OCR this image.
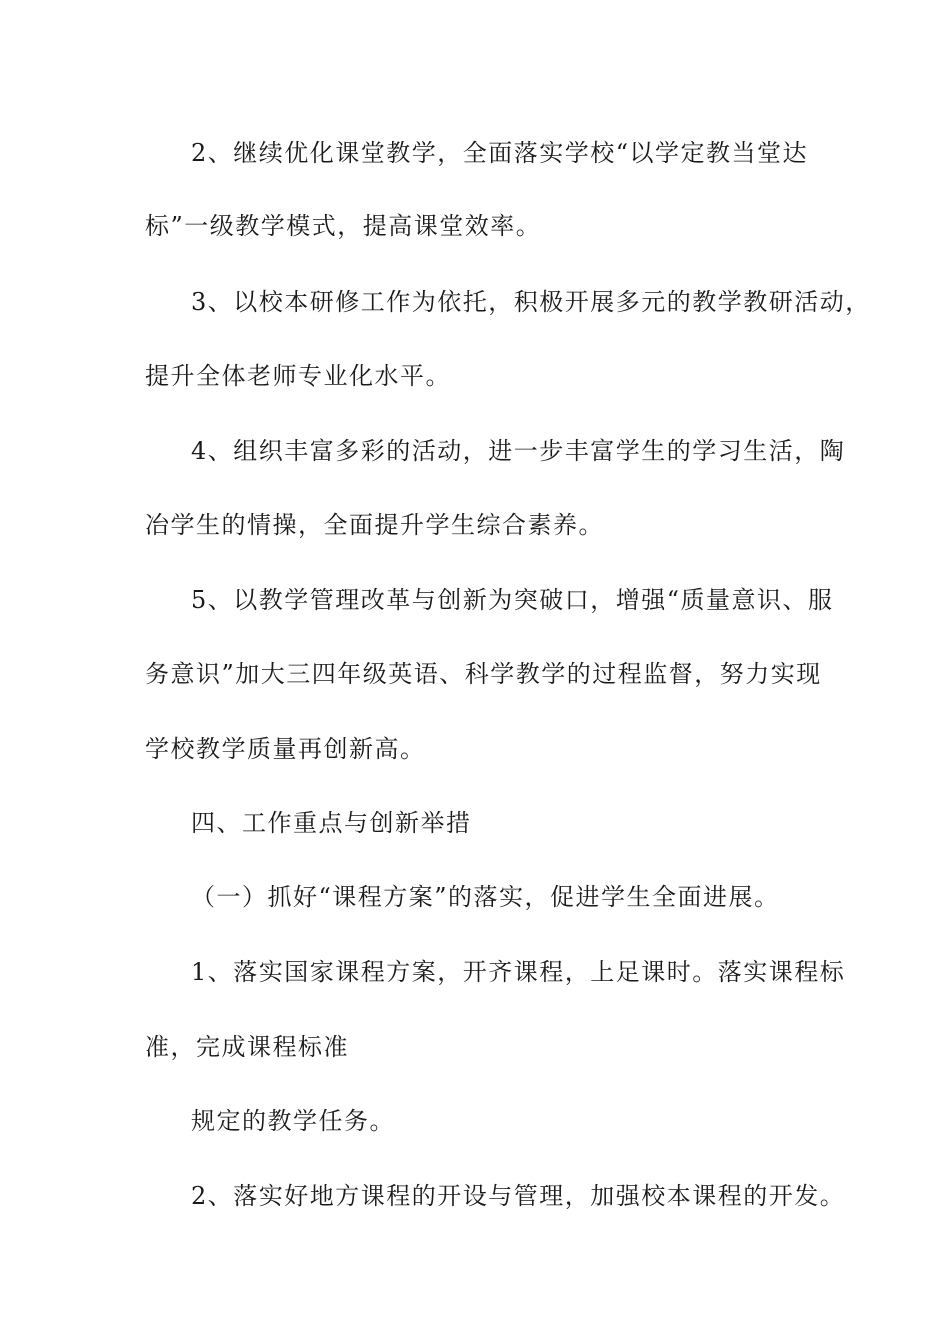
2、继续优化课堂教学，全面落实学校“以学定教当堂达
标”一级教学模式，提高课堂效率。
3、以校本研修工作为依托，积极开展多元的教学教研活动，
提升全体老师专业化水平。
4、组织丰富多彩的活动，进一步丰富学生的学习生活，陶
冶学生的情操，全面提升学生综合素养。
5、以教学管理改革与创新为突破口，增强“质量意识、服
务意识”加大三四年级英语、科学教学的过程监督，努力实现
学校教学质量再创新高。
四、工作重点与创新举措
（一）抓好“课程方案”的落实，促进学生全面进展。
1、落实国家课程方案，开齐课程，上足课时。落实课程标
准，完成课程标准
规定的教学任务。
2、落实好地方课程的开设与管理，加强校本课程的开发。
